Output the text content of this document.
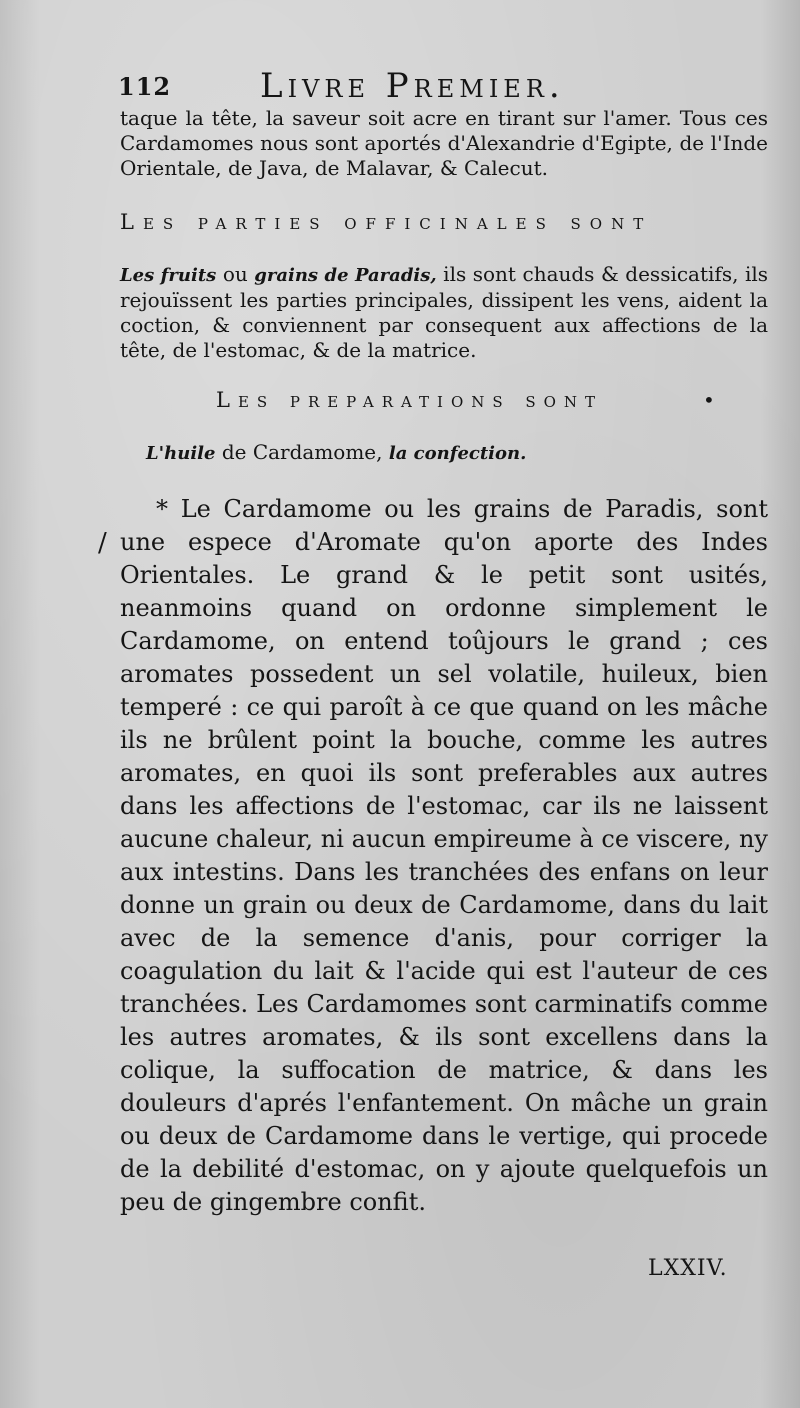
112	Livre Premier.

taque la tête, la saveur soit acre en tirant sur l'amer. Tous ces Cardamomes nous sont aportés d'Alexandrie d'Egipte, de l'Inde Orientale, de Java, de Malavar, & Calecut.

Les parties officinales sont

Les fruits ou grains de Paradis, ils sont chauds & dessicatifs, ils rejouïssent les parties principales, dissipent les vens, aident la coction, & conviennent par consequent aux affections de la tête, de l'estomac, & de la matrice.

Les preparations sont	•
L'huile de Cardamome, la confection.
/

* Le Cardamome ou les grains de Paradis, sont une espece d'Aromate qu'on aporte des Indes Orientales. Le grand & le petit sont usités, neanmoins quand on ordonne simplement le Cardamome, on entend toûjours le grand ; ces aromates possedent un sel volatile, huileux, bien temperé : ce qui paroît à ce que quand on les mâche ils ne brûlent point la bouche, comme les autres aromates, en quoi ils sont preferables aux autres dans les affections de l'estomac, car ils ne laissent aucune chaleur, ni aucun empireume à ce viscere, ny aux intestins. Dans les tranchées des enfans on leur donne un grain ou deux de Cardamome, dans du lait avec de la semence d'anis, pour corriger la coagulation du lait & l'acide qui est l'auteur de ces tranchées. Les Cardamomes sont carminatifs comme les autres aromates, & ils sont excellens dans la colique, la suffocation de matrice, & dans les douleurs d'aprés l'enfantement. On mâche un grain ou deux de Cardamome dans le vertige, qui procede de la debilité d'estomac, on y ajoute quelquefois un peu de gingembre confit.

LXXIV.
